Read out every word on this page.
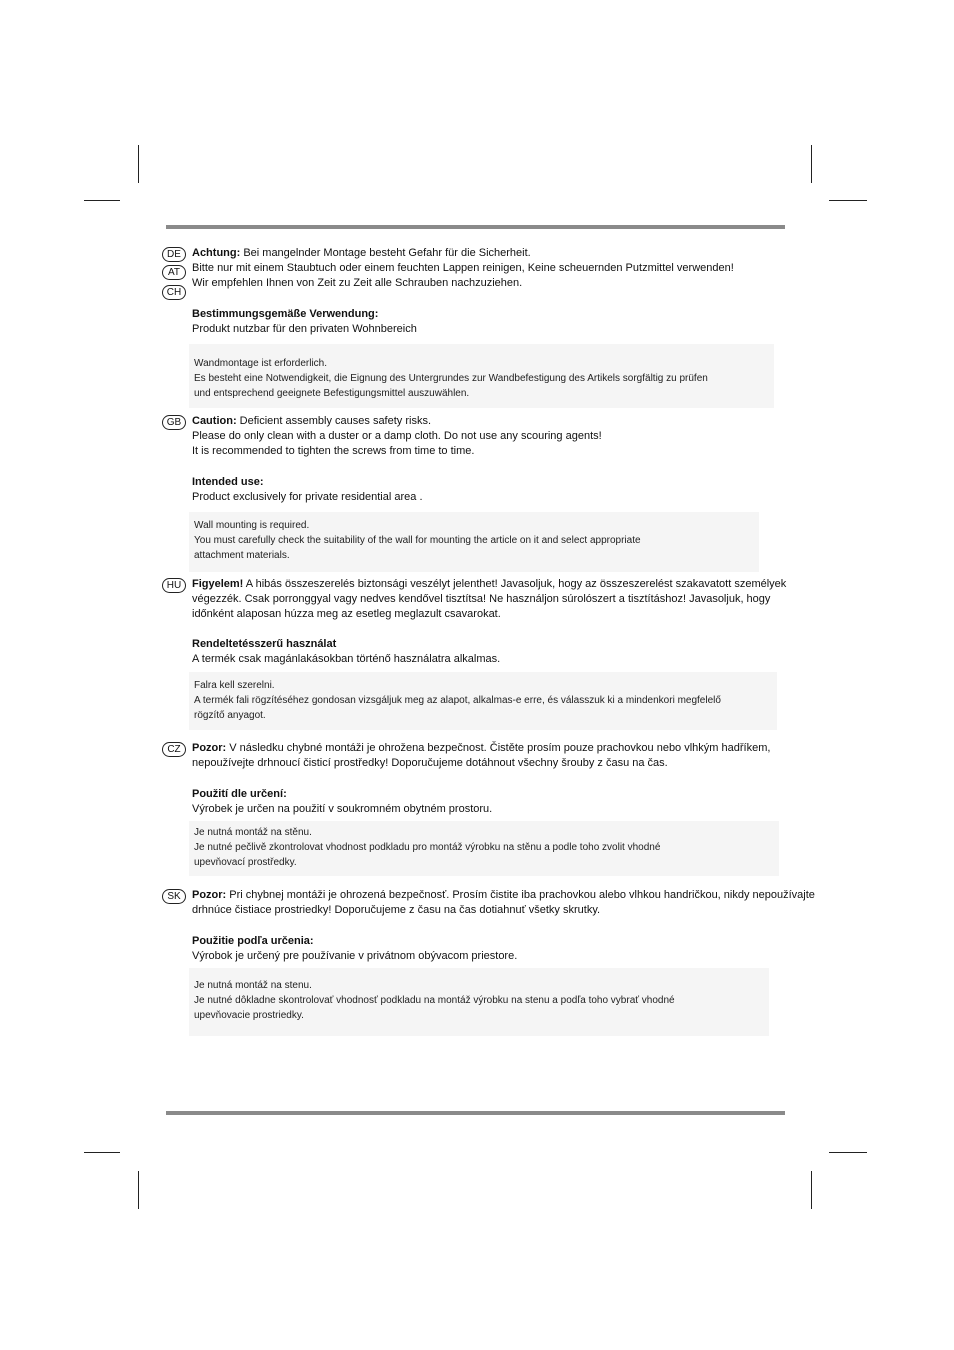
DE
AT
CH
Achtung: Bei mangelnder Montage besteht Gefahr für die Sicherheit.
Bitte nur mit einem Staubtuch oder einem feuchten Lappen reinigen, Keine scheuernden Putzmittel verwenden!
Wir empfehlen Ihnen von Zeit zu Zeit alle Schrauben nachzuziehen.
Bestimmungsgemäße Verwendung:
Produkt nutzbar für den privaten Wohnbereich
Wandmontage ist erforderlich.
Es besteht eine Notwendigkeit, die Eignung des Untergrundes zur Wandbefestigung des Artikels sorgfältig zu prüfen
und entsprechend geeignete Befestigungsmittel auszuwählen.
GB Caution: Deficient assembly causes safety risks.
Please do only clean with a duster or a damp cloth. Do not use any scouring agents!
It is recommended to tighten the screws from time to time.
Intended use:
Product exclusively for private residential area .
Wall mounting is required.
You must carefully check the suitability of the wall for mounting the article on it and select appropriate
attachment materials.
HU Figyelem! A hibás összeszerelés biztonsági veszélyt jelenthet! Javasoljuk, hogy az összeszerelést szakavatott személyek
végezzék. Csak porronggyal vagy nedves kendővel tisztítsa! Ne használjon súrolószert a tisztításhoz! Javasoljuk, hogy
időnként alaposan húzza meg az esetleg meglazult csavarokat.
Rendeltetésszerű használat
A termék csak magánlakásokban történő használatra alkalmas.
Falra kell szerelni.
A termék fali rögzítéséhez gondosan vizsgáljuk meg az alapot, alkalmas-e erre, és válasszuk ki a mindenkori megfelelő
rögzítő anyagot.
CZ	Pozor: V následku chybné montáži je ohrožena bezpečnost. Čistěte prosím pouze prachovkou nebo vlhkým hadříkem,
nepoužívejte drhnoucí čisticí prostředky! Doporučujeme dotáhnout všechny šrouby z času na čas.
Použití dle určení:
Výrobek je určen na použití v soukromném obytném prostoru.
Je nutná montáž na stěnu.
Je nutné pečlivě zkontrolovat vhodnost podkladu pro montáž výrobku na stěnu a podle toho zvolit vhodné
upevňovací prostředky.
SK	Pozor: Pri chybnej montáži je ohrozená bezpečnosť. Prosím čistite iba prachovkou alebo vlhkou handričkou, nikdy nepoužívajte
drhnúce čistiace prostriedky! Doporučujeme z času na čas dotiahnuť všetky skrutky.
Použitie podľa určenia:
Výrobok je určený pre používanie v privátnom obývacom priestore.
Je nutná montáž na stenu.
Je nutné dôkladne skontrolovať vhodnosť podkladu na montáž výrobku na stenu a podľa toho vybrať vhodné
upevňovacie prostriedky.
